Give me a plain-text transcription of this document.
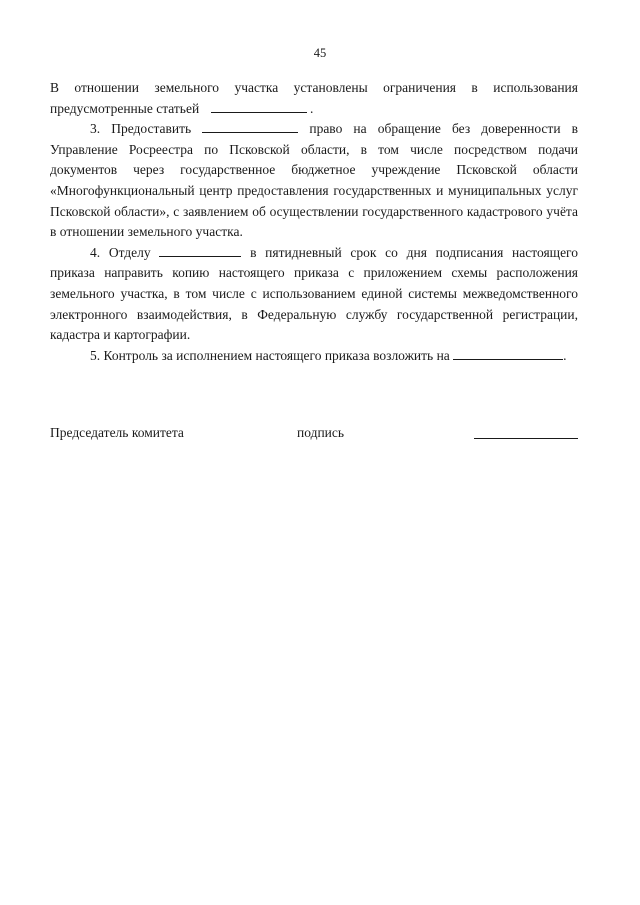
45

В отношении земельного участка установлены ограничения в использования предусмотренные статьей	.

3. Предоставить	право на обращение без доверенности в Управление Росреестра по Псковской области, в том числе посредством подачи документов через государственное бюджетное учреждение Псковской области «Многофункциональный центр предоставления государственных и муниципальных услуг Псковской области», с заявлением об осуществлении государственного кадастрового учёта в отношении земельного участка.

4. Отделу	в пятидневный срок со дня подписания настоящего приказа направить копию настоящего приказа с приложением схемы расположения земельного участка, в том числе с использованием единой системы межведомственного электронного взаимодействия, в Федеральную службу государственной регистрации, кадастра и картографии.

5. Контроль за исполнением настоящего приказа возложить на	.

Председатель комитета	подпись
